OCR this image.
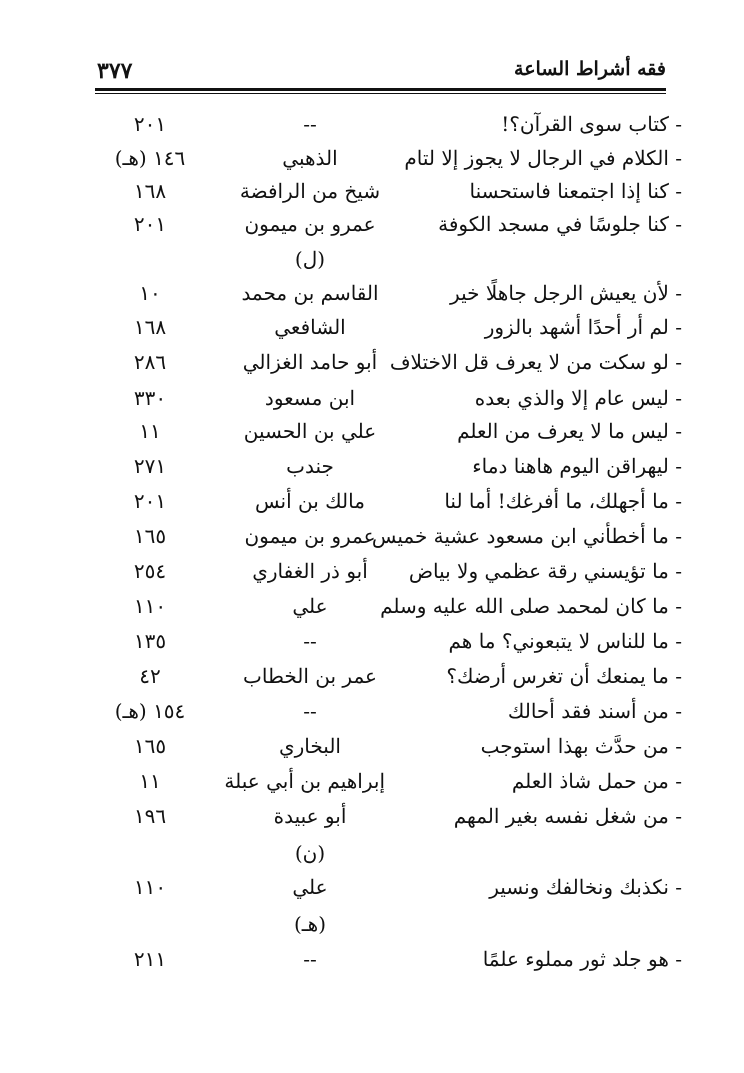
٣٧٧	فقه أشراط الساعة
- كتاب سوى القرآن؟!
--
٢٠١
- الكلام في الرجال لا يجوز إلا لتام
الذهبي
١٤٦ (هـ)
- كنا إذا اجتمعنا فاستحسنا
شيخ من الرافضة
١٦٨
- كنا جلوسًا في مسجد الكوفة
عمرو بن ميمون
٢٠١
(ل)
- لأن يعيش الرجل جاهلًا خير
القاسم بن محمد
١٠
- لم أر أحدًا أشهد بالزور
الشافعي
١٦٨
- لو سكت من لا يعرف قل الاختلاف
أبو حامد الغزالي
٢٨٦
- ليس عام إلا والذي بعده
ابن مسعود
٣٣٠
- ليس ما لا يعرف من العلم
علي بن الحسين
١١
- ليهراقن اليوم هاهنا دماء
جندب
٢٧١
- ما أجهلك، ما أفرغك! أما لنا
مالك بن أنس
٢٠١
- ما أخطأني ابن مسعود عشية خميس
عمرو بن ميمون
١٦٥
- ما تؤيسني رقة عظمي ولا بياض
أبو ذر الغفاري
٢٥٤
- ما كان لمحمد صلى الله عليه وسلم
علي
١١٠
- ما للناس لا يتبعوني؟ ما هم
--
١٣٥
- ما يمنعك أن تغرس أرضك؟
عمر بن الخطاب
٤٢
- من أسند فقد أحالك
--
١٥٤ (هـ)
- من حدَّث بهذا استوجب
البخاري
١٦٥
- من حمل شاذ العلم
إبراهيم بن أبي عبلة
١١
- من شغل نفسه بغير المهم
أبو عبيدة
١٩٦
(ن)
- نكذبك ونخالفك ونسير
علي
١١٠
(هـ)
- هو جلد ثور مملوء علمًا
--
٢١١
